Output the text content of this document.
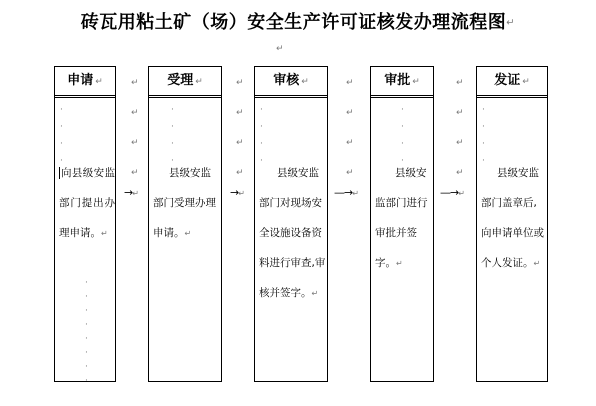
砖瓦用粘土矿（场）安全生产许可证核发办理流程图↵
↵
申请 ↵
·
·
·
·
向县级安监部门提出办理申请。↵
·
·
·
·
·
·
·
·
↵
↵
↵
↵
→↵
受理 ↵
·
·
·
·
县级安监部门受理办理申请。↵
↵
↵
↵
↵
→↵
审核 ↵
·
·
·
·
县级安监部门对现场安全设施设备资料进行审查,审核并签字。↵
↵
↵
↵
↵
—→↵
审批 ↵
·
·
·
·
县级安监部门进行审批并签字。↵
↵
↵
↵
↵
—→↵
发证 ↵
·
·
·
·
县级安监部门盖章后,向申请单位或个人发证。↵
